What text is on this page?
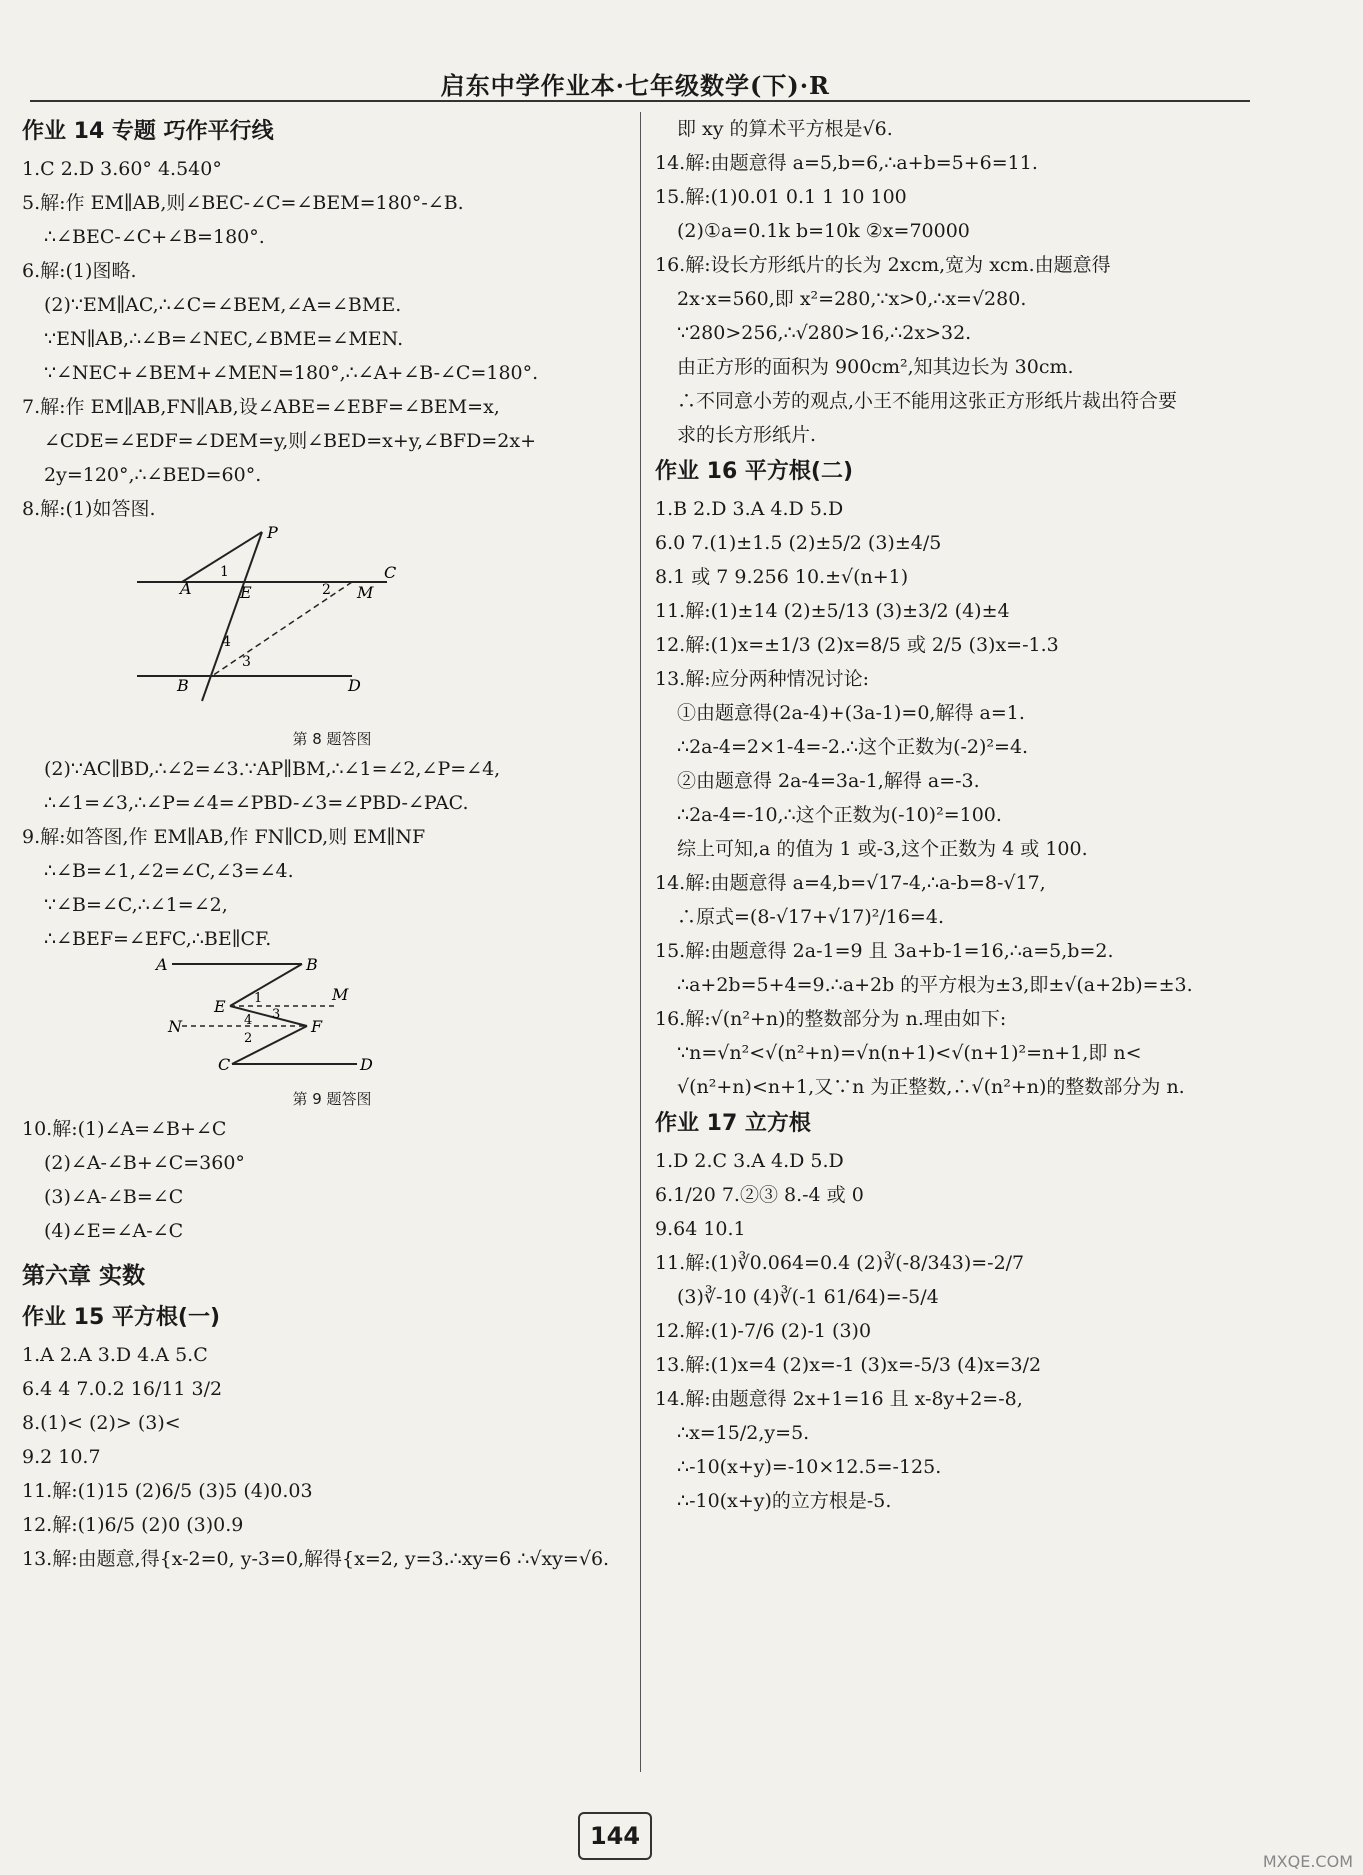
启东中学作业本·七年级数学(下)·R
作业 14 专题 巧作平行线
1.C 2.D 3.60° 4.540°
5.解:作 EM∥AB,则∠BEC-∠C=∠BEM=180°-∠B.
∴∠BEC-∠C+∠B=180°.
6.解:(1)图略.
(2)∵EM∥AC,∴∠C=∠BEM,∠A=∠BME.
∵EN∥AB,∴∠B=∠NEC,∠BME=∠MEN.
∵∠NEC+∠BEM+∠MEN=180°,∴∠A+∠B-∠C=180°.
7.解:作 EM∥AB,FN∥AB,设∠ABE=∠EBF=∠BEM=x,
∠CDE=∠EDF=∠DEM=y,则∠BED=x+y,∠BFD=2x+
2y=120°,∴∠BED=60°.
8.解:(1)如答图.
P
A	E
C
M
B	D
1
2
3
4
第 8 题答图
(2)∵AC∥BD,∴∠2=∠3.∵AP∥BM,∴∠1=∠2,∠P=∠4,
∴∠1=∠3,∴∠P=∠4=∠PBD-∠3=∠PBD-∠PAC.
9.解:如答图,作 EM∥AB,作 FN∥CD,则 EM∥NF
∴∠B=∠1,∠2=∠C,∠3=∠4.
∵∠B=∠C,∴∠1=∠2,
∴∠BEF=∠EFC,∴BE∥CF.
A	B
E
M
N	F
C	D
1
3
4
2
第 9 题答图
10.解:(1)∠A=∠B+∠C
(2)∠A-∠B+∠C=360°
(3)∠A-∠B=∠C
(4)∠E=∠A-∠C
第六章 实数
作业 15 平方根(一)
1.A 2.A 3.D 4.A 5.C
6.4 4 7.0.2 16/11 3/2
8.(1)< (2)> (3)<
9.2 10.7
11.解:(1)15 (2)6/5 (3)5 (4)0.03
12.解:(1)6/5 (2)0 (3)0.9
13.解:由题意,得{x-2=0, y-3=0,解得{x=2, y=3.∴xy=6 ∴√xy=√6.
即 xy 的算术平方根是√6.
14.解:由题意得 a=5,b=6,∴a+b=5+6=11.
15.解:(1)0.01 0.1 1 10 100
(2)①a=0.1k b=10k ②x=70000
16.解:设长方形纸片的长为 2xcm,宽为 xcm.由题意得
2x·x=560,即 x²=280,∵x>0,∴x=√280.
∵280>256,∴√280>16,∴2x>32.
由正方形的面积为 900cm²,知其边长为 30cm.
∴不同意小芳的观点,小王不能用这张正方形纸片裁出符合要
求的长方形纸片.
作业 16 平方根(二)
1.B 2.D 3.A 4.D 5.D
6.0 7.(1)±1.5 (2)±5/2 (3)±4/5
8.1 或 7 9.256 10.±√(n+1)
11.解:(1)±14 (2)±5/13 (3)±3/2 (4)±4
12.解:(1)x=±1/3 (2)x=8/5 或 2/5 (3)x=-1.3
13.解:应分两种情况讨论:
①由题意得(2a-4)+(3a-1)=0,解得 a=1.
∴2a-4=2×1-4=-2.∴这个正数为(-2)²=4.
②由题意得 2a-4=3a-1,解得 a=-3.
∴2a-4=-10,∴这个正数为(-10)²=100.
综上可知,a 的值为 1 或-3,这个正数为 4 或 100.
14.解:由题意得 a=4,b=√17-4,∴a-b=8-√17,
∴原式=(8-√17+√17)²/16=4.
15.解:由题意得 2a-1=9 且 3a+b-1=16,∴a=5,b=2.
∴a+2b=5+4=9.∴a+2b 的平方根为±3,即±√(a+2b)=±3.
16.解:√(n²+n)的整数部分为 n.理由如下:
∵n=√n²<√(n²+n)=√n(n+1)<√(n+1)²=n+1,即 n<
√(n²+n)<n+1,又∵n 为正整数,∴√(n²+n)的整数部分为 n.
作业 17 立方根
1.D 2.C 3.A 4.D 5.D
6.1/20 7.②③ 8.-4 或 0
9.64 10.1
11.解:(1)∛0.064=0.4 (2)∛(-8/343)=-2/7
(3)∛-10 (4)∛(-1 61/64)=-5/4
12.解:(1)-7/6 (2)-1 (3)0
13.解:(1)x=4 (2)x=-1 (3)x=-5/3 (4)x=3/2
14.解:由题意得 2x+1=16 且 x-8y+2=-8,
∴x=15/2,y=5.
∴-10(x+y)=-10×12.5=-125.
∴-10(x+y)的立方根是-5.
144
MXQE.COM
